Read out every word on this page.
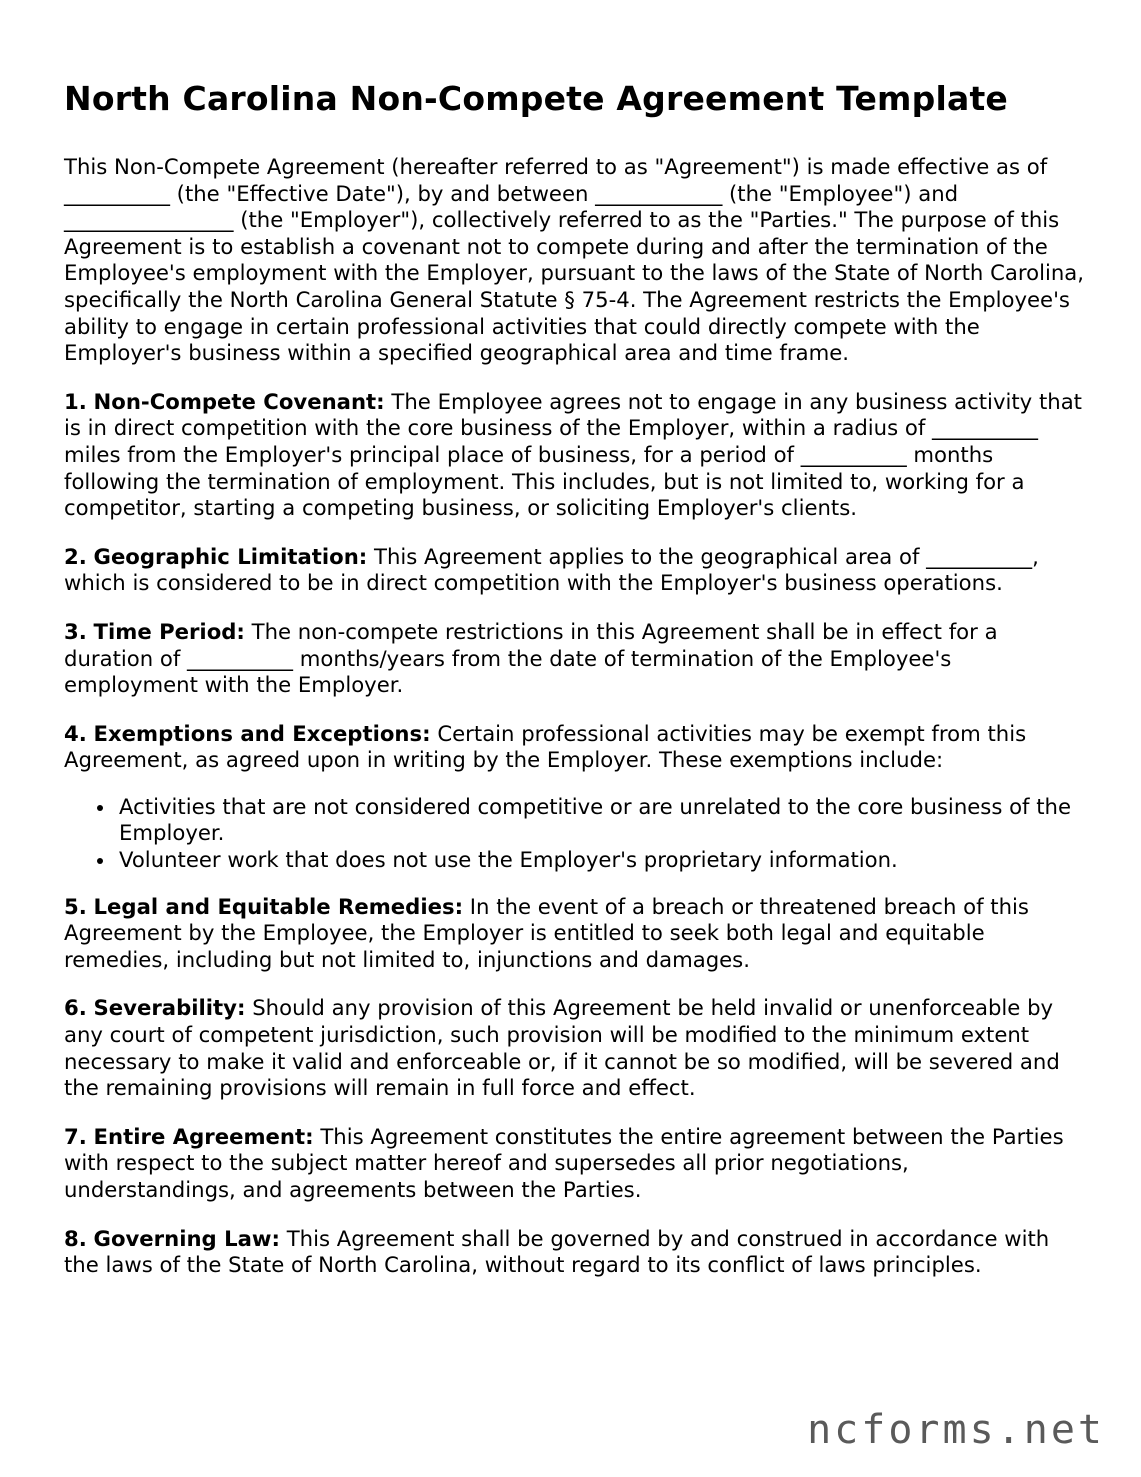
North Carolina Non-Compete Agreement Template

This Non-Compete Agreement (hereafter referred to as "Agreement") is made effective as of __________ (the "Effective Date"), by and between ____________ (the "Employee") and ________________ (the "Employer"), collectively referred to as the "Parties." The purpose of this Agreement is to establish a covenant not to compete during and after the termination of the Employee's employment with the Employer, pursuant to the laws of the State of North Carolina, specifically the North Carolina General Statute § 75-4. The Agreement restricts the Employee's ability to engage in certain professional activities that could directly compete with the Employer's business within a specified geographical area and time frame.

1. Non-Compete Covenant: The Employee agrees not to engage in any business activity that is in direct competition with the core business of the Employer, within a radius of __________ miles from the Employer's principal place of business, for a period of __________ months following the termination of employment. This includes, but is not limited to, working for a competitor, starting a competing business, or soliciting Employer's clients.

2. Geographic Limitation: This Agreement applies to the geographical area of __________, which is considered to be in direct competition with the Employer's business operations.

3. Time Period: The non-compete restrictions in this Agreement shall be in effect for a duration of __________ months/years from the date of termination of the Employee's employment with the Employer.

4. Exemptions and Exceptions: Certain professional activities may be exempt from this Agreement, as agreed upon in writing by the Employer. These exemptions include:

Activities that are not considered competitive or are unrelated to the core business of the Employer.
Volunteer work that does not use the Employer's proprietary information.

5. Legal and Equitable Remedies: In the event of a breach or threatened breach of this Agreement by the Employee, the Employer is entitled to seek both legal and equitable remedies, including but not limited to, injunctions and damages.

6. Severability: Should any provision of this Agreement be held invalid or unenforceable by any court of competent jurisdiction, such provision will be modified to the minimum extent necessary to make it valid and enforceable or, if it cannot be so modified, will be severed and the remaining provisions will remain in full force and effect.

7. Entire Agreement: This Agreement constitutes the entire agreement between the Parties with respect to the subject matter hereof and supersedes all prior negotiations, understandings, and agreements between the Parties.

8. Governing Law: This Agreement shall be governed by and construed in accordance with the laws of the State of North Carolina, without regard to its conflict of laws principles.

ncforms.net
